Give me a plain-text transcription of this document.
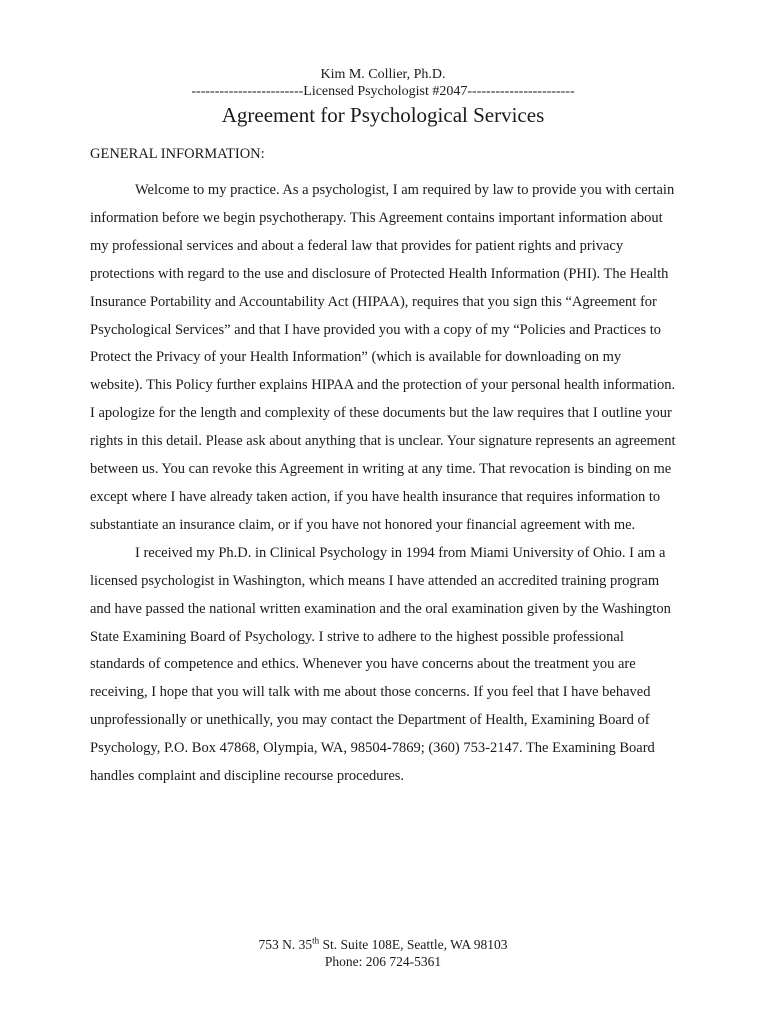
Kim M. Collier, Ph.D.
------------------------Licensed Psychologist #2047-----------------------
Agreement for Psychological Services
GENERAL INFORMATION:

Welcome to my practice. As a psychologist, I am required by law to provide you with certain information before we begin psychotherapy. This Agreement contains important information about my professional services and about a federal law that provides for patient rights and privacy protections with regard to the use and disclosure of Protected Health Information (PHI). The Health Insurance Portability and Accountability Act (HIPAA), requires that you sign this “Agreement for Psychological Services” and that I have provided you with a copy of my “Policies and Practices to Protect the Privacy of your Health Information” (which is available for downloading on my website). This Policy further explains HIPAA and the protection of your personal health information. I apologize for the length and complexity of these documents but the law requires that I outline your rights in this detail. Please ask about anything that is unclear. Your signature represents an agreement between us. You can revoke this Agreement in writing at any time. That revocation is binding on me except where I have already taken action, if you have health insurance that requires information to substantiate an insurance claim, or if you have not honored your financial agreement with me.

I received my Ph.D. in Clinical Psychology in 1994 from Miami University of Ohio. I am a licensed psychologist in Washington, which means I have attended an accredited training program and have passed the national written examination and the oral examination given by the Washington State Examining Board of Psychology. I strive to adhere to the highest possible professional standards of competence and ethics. Whenever you have concerns about the treatment you are receiving, I hope that you will talk with me about those concerns. If you feel that I have behaved unprofessionally or unethically, you may contact the Department of Health, Examining Board of Psychology, P.O. Box 47868, Olympia, WA, 98504-7869; (360) 753-2147. The Examining Board handles complaint and discipline recourse procedures.

753 N. 35th St. Suite 108E, Seattle, WA 98103
Phone: 206 724-5361
